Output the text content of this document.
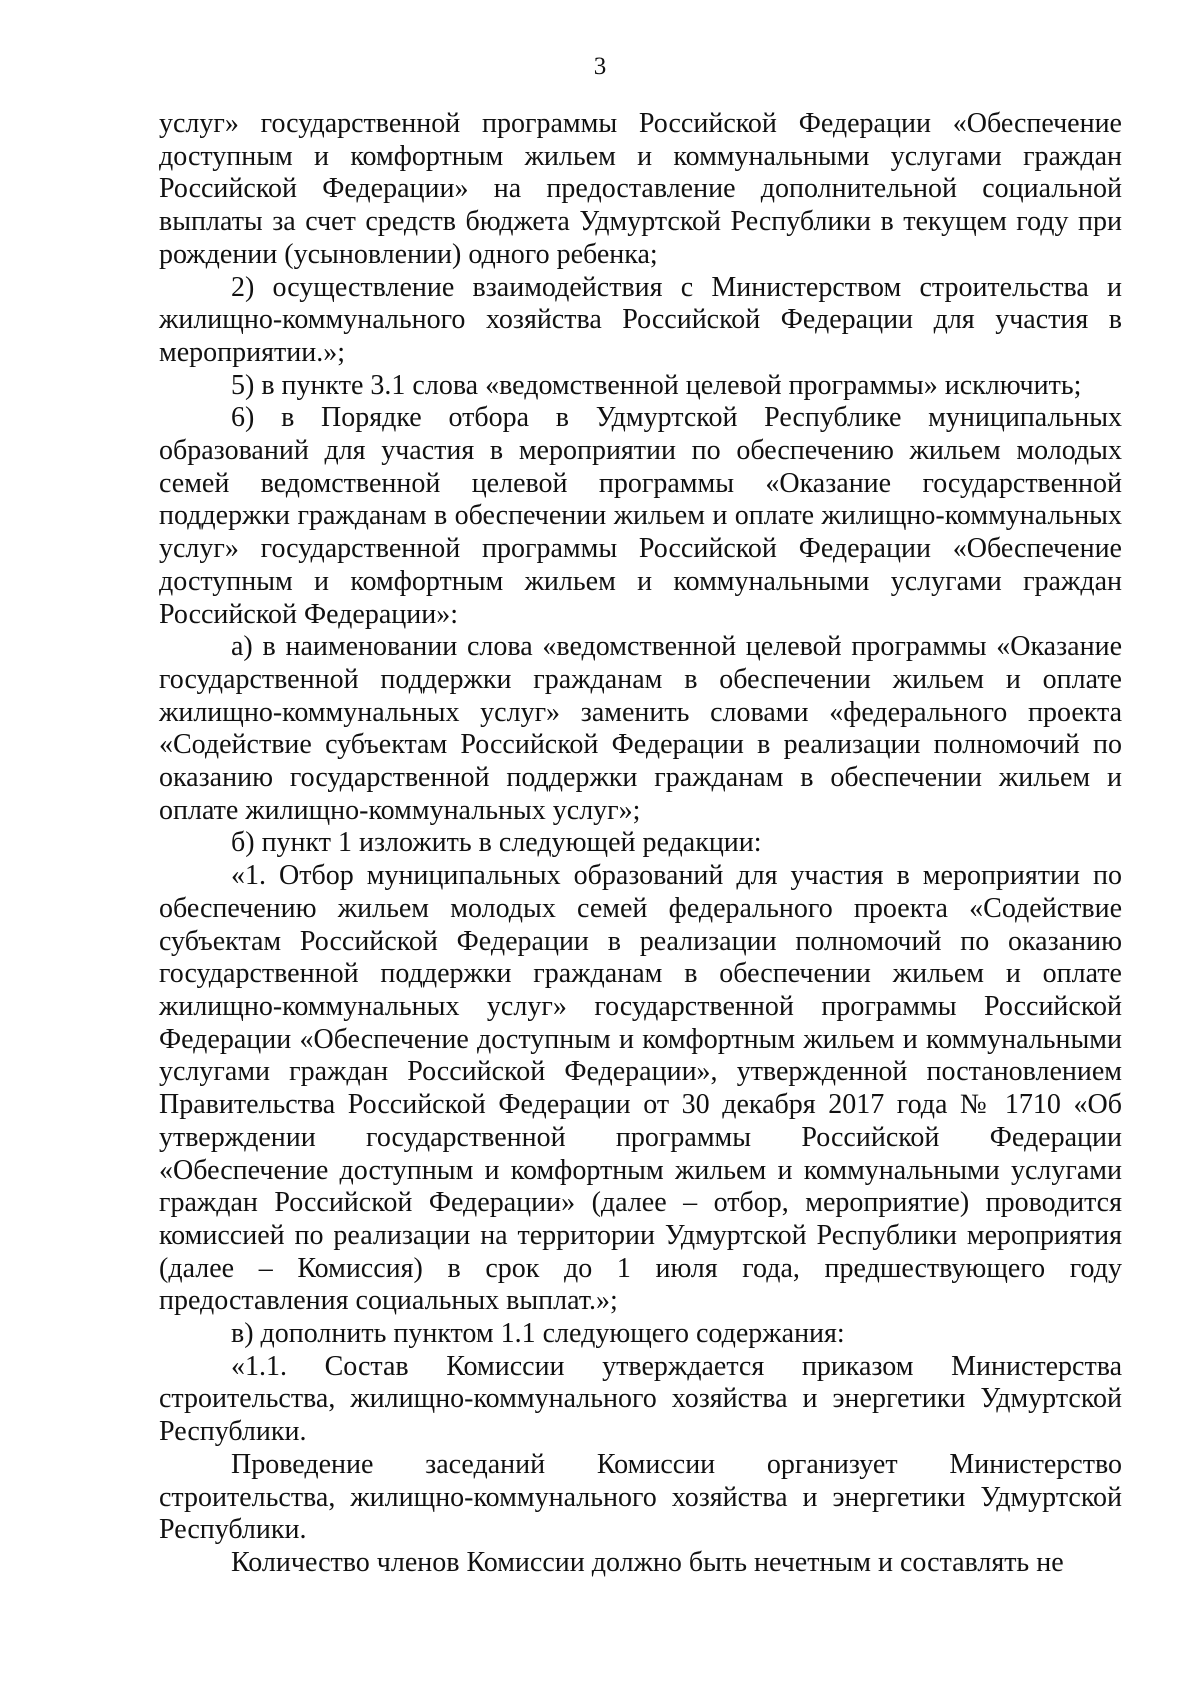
3

услуг» государственной программы Российской Федерации «Обеспечение доступным и комфортным жильем и коммунальными услугами граждан Российской Федерации» на предоставление дополнительной социальной выплаты за счет средств бюджета Удмуртской Республики в текущем году при рождении (усыновлении) одного ребенка;

2) осуществление взаимодействия с Министерством строительства и жилищно-коммунального хозяйства Российской Федерации для участия в мероприятии.»;

5) в пункте 3.1 слова «ведомственной целевой программы» исключить;

6) в Порядке отбора в Удмуртской Республике муниципальных образований для участия в мероприятии по обеспечению жильем молодых семей ведомственной целевой программы «Оказание государственной поддержки гражданам в обеспечении жильем и оплате жилищно-коммунальных услуг» государственной программы Российской Федерации «Обеспечение доступным и комфортным жильем и коммунальными услугами граждан Российской Федерации»:

а) в наименовании слова «ведомственной целевой программы «Оказание государственной поддержки гражданам в обеспечении жильем и оплате жилищно-коммунальных услуг» заменить словами «федерального проекта «Содействие субъектам Российской Федерации в реализации полномочий по оказанию государственной поддержки гражданам в обеспечении жильем и оплате жилищно-коммунальных услуг»;

б) пункт 1 изложить в следующей редакции:

«1. Отбор муниципальных образований для участия в мероприятии по обеспечению жильем молодых семей федерального проекта «Содействие субъектам Российской Федерации в реализации полномочий по оказанию государственной поддержки гражданам в обеспечении жильем и оплате жилищно-коммунальных услуг» государственной программы Российской Федерации «Обеспечение доступным и комфортным жильем и коммунальными услугами граждан Российской Федерации», утвержденной постановлением Правительства Российской Федерации от 30 декабря 2017 года № 1710 «Об утверждении государственной программы Российской Федерации «Обеспечение доступным и комфортным жильем и коммунальными услугами граждан Российской Федерации» (далее – отбор, мероприятие) проводится комиссией по реализации на территории Удмуртской Республики мероприятия (далее – Комиссия) в срок до 1 июля года, предшествующего году предоставления социальных выплат.»;

в) дополнить пунктом 1.1 следующего содержания:

«1.1. Состав Комиссии утверждается приказом Министерства строительства, жилищно-коммунального хозяйства и энергетики Удмуртской Республики.

Проведение заседаний Комиссии организует Министерство строительства, жилищно-коммунального хозяйства и энергетики Удмуртской Республики.

Количество членов Комиссии должно быть нечетным и составлять не
